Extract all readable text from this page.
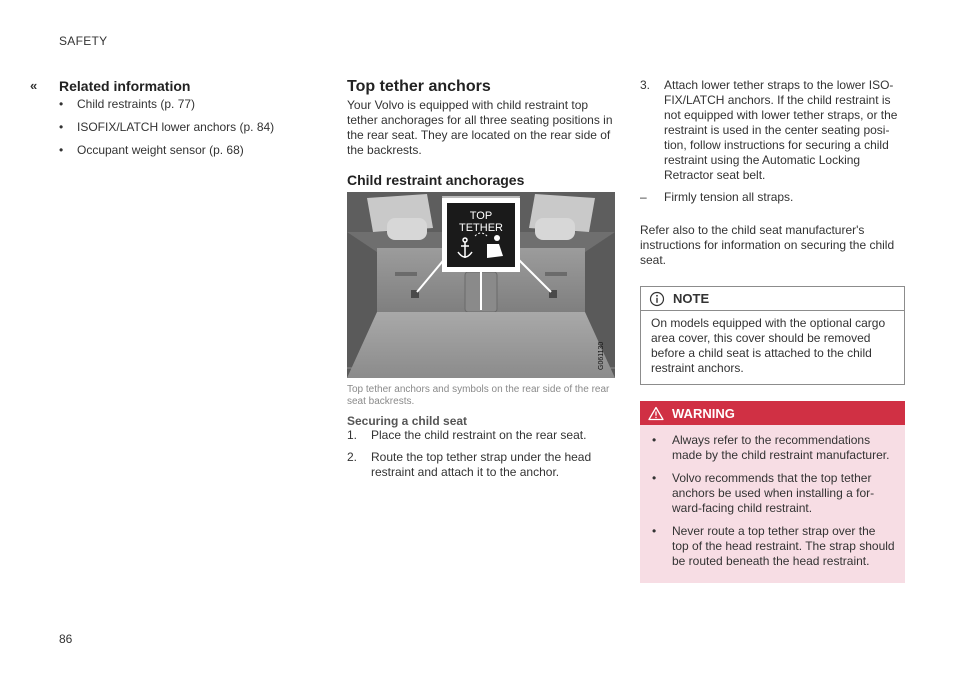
SAFETY
« Related information
• Child restraints (p. 77)
• ISOFIX/LATCH lower anchors (p. 84)
• Occupant weight sensor (p. 68)
Top tether anchors

Your Volvo is equipped with child restraint top tether anchorages for all three seating positions in the rear seat. They are located on the rear side of the backrests.

Child restraint anchorages
TOP
TETHER
G061130

Top tether anchors and symbols on the rear side of the rear seat backrests.

Securing a child seat
1. Place the child restraint on the rear seat.
2. Route the top tether strap under the head restraint and attach it to the anchor.
3. Attach lower tether straps to the lower ISO-FIX/LATCH anchors. If the child restraint is not equipped with lower tether straps, or the restraint is used in the center seating posi-tion, follow instructions for securing a child restraint using the Automatic Locking Retractor seat belt.
– Firmly tension all straps.

Refer also to the child seat manufacturer's instructions for information on securing the child seat.

NOTE
On models equipped with the optional cargo area cover, this cover should be removed before a child seat is attached to the child restraint anchors.
WARNING
• Always refer to the recommendations made by the child restraint manufacturer.
• Volvo recommends that the top tether anchors be used when installing a for-ward-facing child restraint.
• Never route a top tether strap over the top of the head restraint. The strap should be routed beneath the head restraint.
86
